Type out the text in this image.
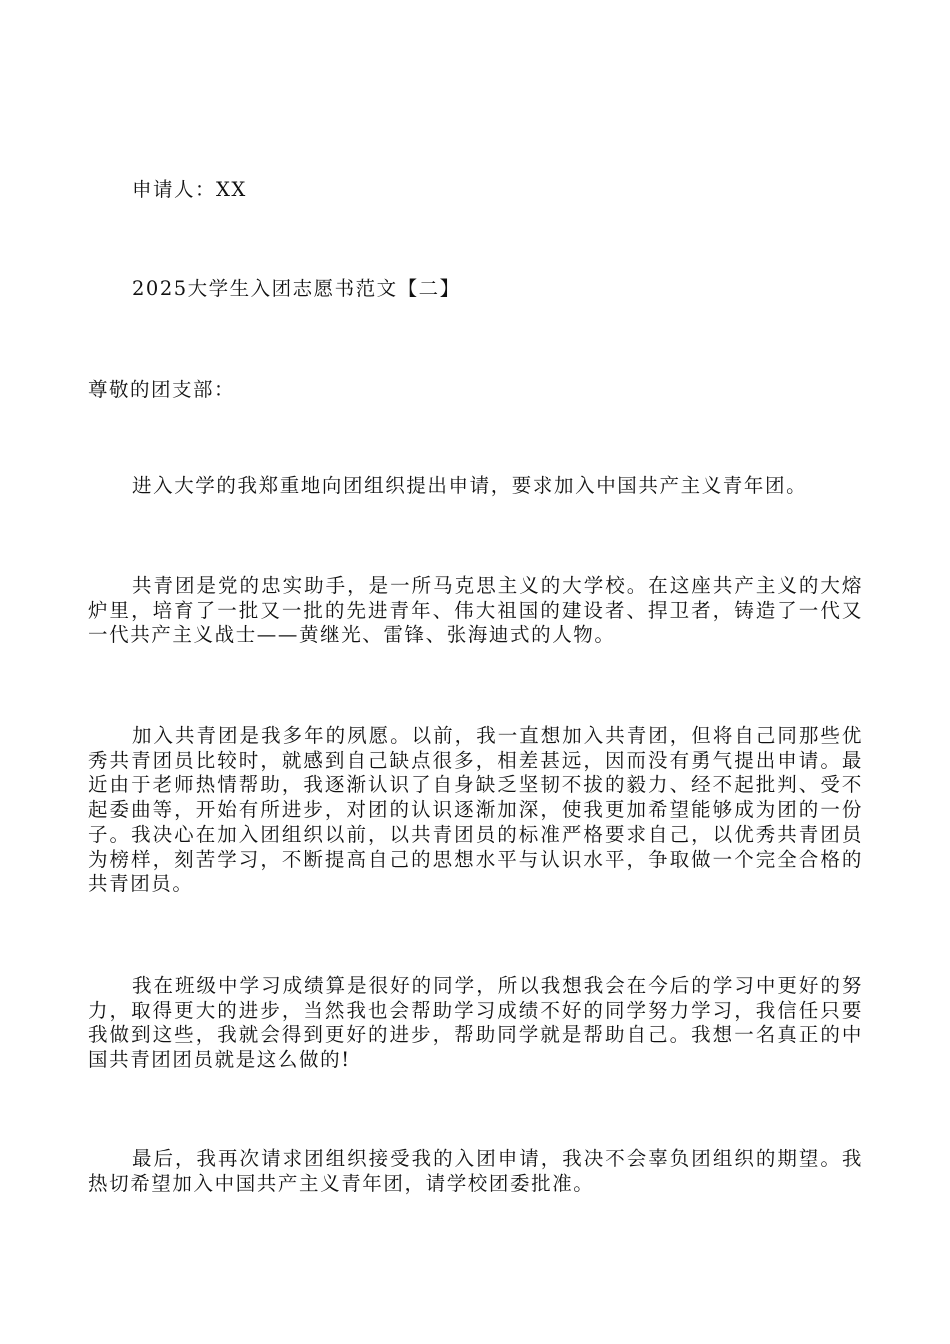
申请人：XX
2025大学生入团志愿书范文【二】
尊敬的团支部：

进入大学的我郑重地向团组织提出申请，要求加入中国共产主义青年团。

共青团是党的忠实助手，是一所马克思主义的大学校。在这座共产主义的大熔炉里，培育了一批又一批的先进青年、伟大祖国的建设者、捍卫者，铸造了一代又一代共产主义战士——黄继光、雷锋、张海迪式的人物。

加入共青团是我多年的夙愿。以前，我一直想加入共青团，但将自己同那些优秀共青团员比较时，就感到自己缺点很多，相差甚远，因而没有勇气提出申请。最近由于老师热情帮助，我逐渐认识了自身缺乏坚韧不拔的毅力、经不起批判、受不起委曲等，开始有所进步，对团的认识逐渐加深，使我更加希望能够成为团的一份子。我决心在加入团组织以前，以共青团员的标准严格要求自己，以优秀共青团员为榜样，刻苦学习，不断提高自己的思想水平与认识水平，争取做一个完全合格的共青团员。

我在班级中学习成绩算是很好的同学，所以我想我会在今后的学习中更好的努力，取得更大的进步，当然我也会帮助学习成绩不好的同学努力学习，我信任只要我做到这些，我就会得到更好的进步，帮助同学就是帮助自己。我想一名真正的中国共青团团员就是这么做的!

最后，我再次请求团组织接受我的入团申请，我决不会辜负团组织的期望。我热切希望加入中国共产主义青年团，请学校团委批准。
